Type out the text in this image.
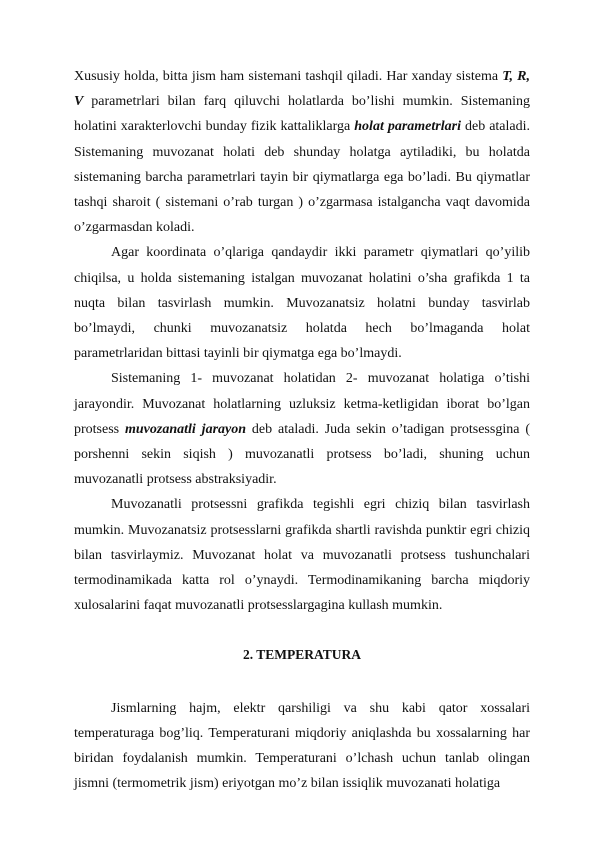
Xususiy holda, bitta jism ham sistemani tashqil qiladi. Har xanday sistema T, R, V parametrlari bilan farq qiluvchi holatlarda bo’lishi mumkin. Sistemaning holatini xarakterlovchi bunday fizik kattaliklarga holat parametrlari deb ataladi. Sistemaning muvozanat holati deb shunday holatga aytiladiki, bu holatda sistemaning barcha parametrlari tayin bir qiymatlarga ega bo’ladi. Bu qiymatlar tashqi sharoit ( sistemani o’rab turgan ) o’zgarmasa istalgancha vaqt davomida o’zgarmasdan koladi.

Agar koordinata o’qlariga qandaydir ikki parametr qiymatlari qo’yilib chiqilsa, u holda sistemaning istalgan muvozanat holatini o’sha grafikda 1 ta nuqta bilan tasvirlash mumkin. Muvozanatsiz holatni bunday tasvirlab bo’lmaydi, chunki muvozanatsiz holatda hech bo’lmaganda holat parametrlaridan bittasi tayinli bir qiymatga ega bo’lmaydi.

Sistemaning 1- muvozanat holatidan 2- muvozanat holatiga o’tishi jarayondir. Muvozanat holatlarning uzluksiz ketma-ketligidan iborat bo’lgan protsess muvozanatli jarayon deb ataladi. Juda sekin o’tadigan protsessgina ( porshenni sekin siqish ) muvozanatli protsess bo’ladi, shuning uchun muvozanatli protsess abstraksiyadir.

Muvozanatli protsessni grafikda tegishli egri chiziq bilan tasvirlash mumkin. Muvozanatsiz protsesslarni grafikda shartli ravishda punktir egri chiziq bilan tasvirlaymiz. Muvozanat holat va muvozanatli protsess tushunchalari termodinamikada katta rol o’ynaydi. Termodinamikaning barcha miqdoriy xulosalarini faqat muvozanatli protsesslargagina kullash mumkin.

2. TEMPERATURA

Jismlarning hajm, elektr qarshiligi va shu kabi qator xossalari temperaturaga bog’liq. Temperaturani miqdoriy aniqlashda bu xossalarning har biridan foydalanish mumkin. Temperaturani o’lchash uchun tanlab olingan jismni (termometrik jism) eriyotgan mo’z bilan issiqlik muvozanati holatiga
